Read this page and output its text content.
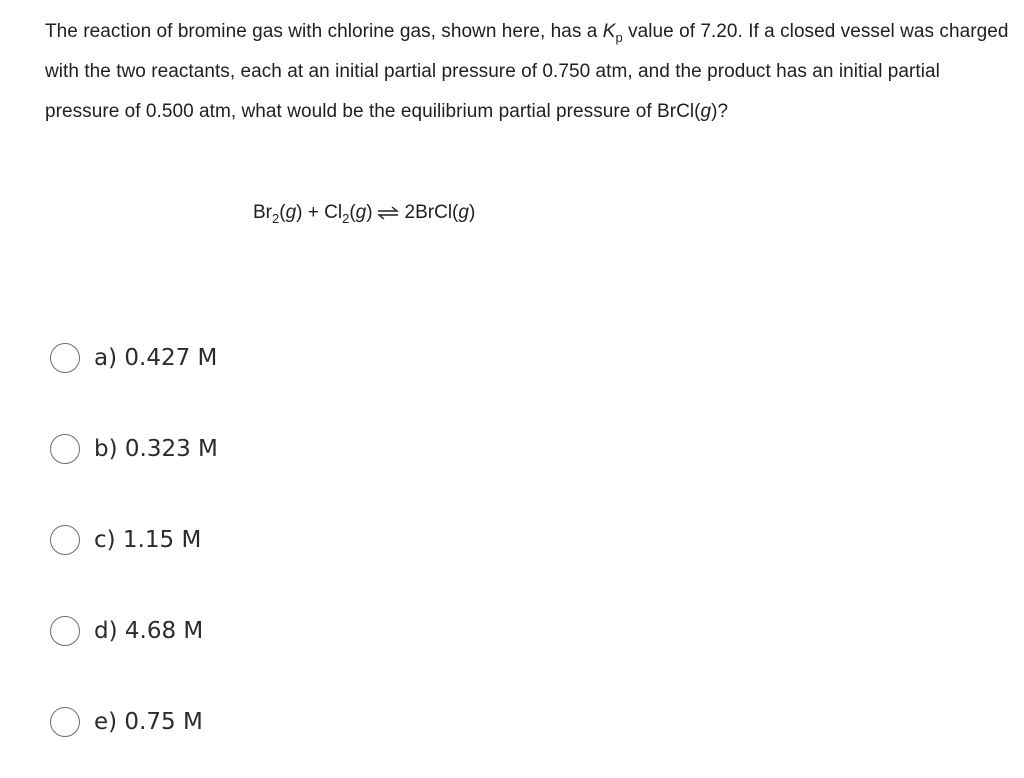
The reaction of bromine gas with chlorine gas, shown here, has a $K_p$ value of 7.20. If a closed vessel was charged with the two reactants, each at an initial partial pressure of 0.750 atm, and the product has an initial partial pressure of 0.500 atm, what would be the equilibrium partial pressure of BrCl(g)?
$Br_2(g) + Cl_2(g)$ ⇌ 2BrCl(g)
a) 0.427 M
b) 0.323 M
c) 1.15 M
d) 4.68 M
e) 0.75 M
